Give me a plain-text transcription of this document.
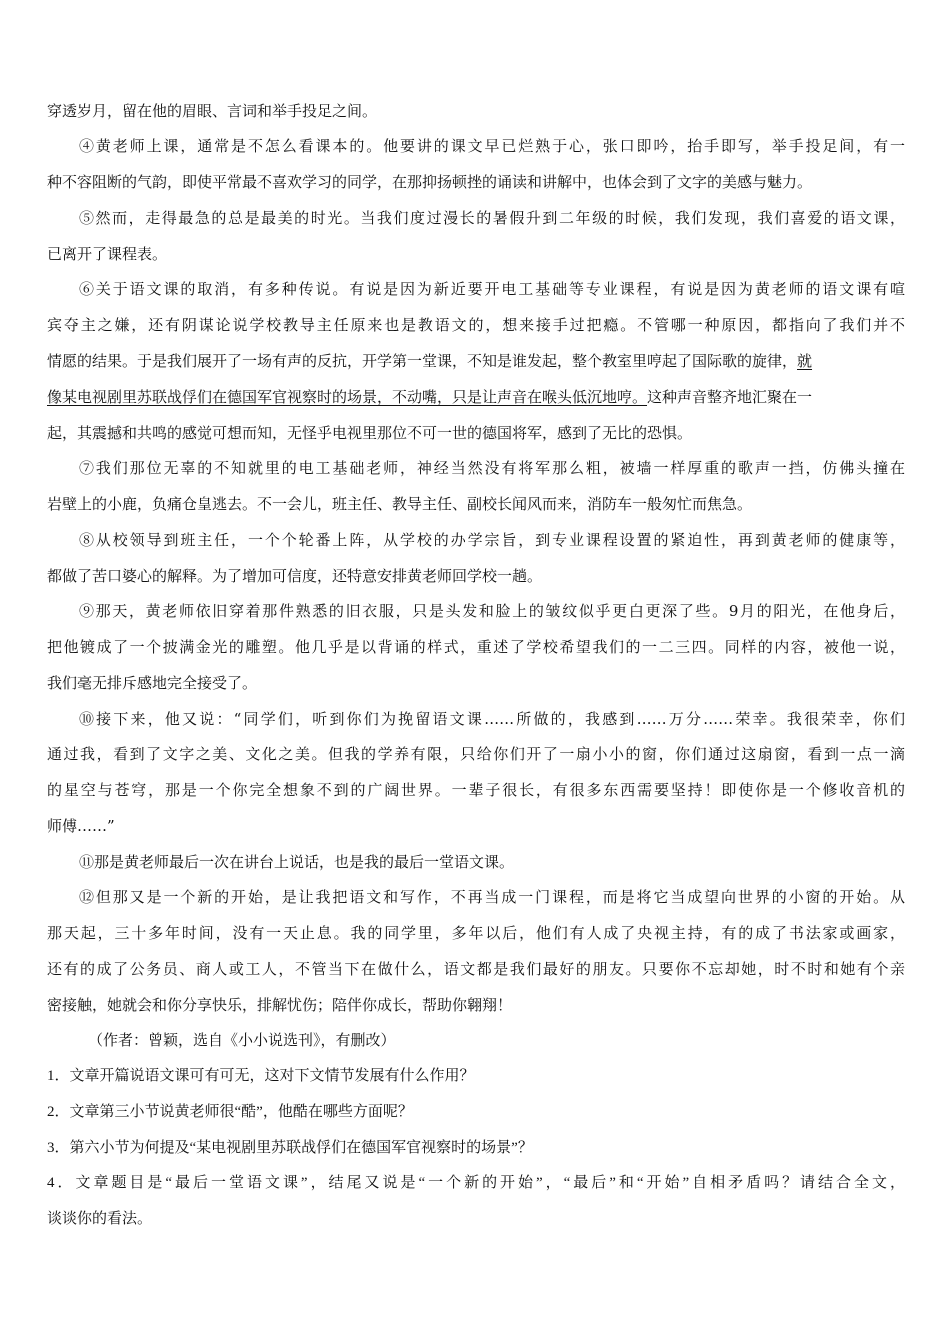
穿透岁月，留在他的眉眼、言词和举手投足之间。
④黄老师上课，通常是不怎么看课本的。他要讲的课文早已烂熟于心，张口即吟，抬手即写，举手投足间，有一
种不容阻断的气韵，即使平常最不喜欢学习的同学，在那抑扬顿挫的诵读和讲解中，也体会到了文字的美感与魅力。
⑤然而，走得最急的总是最美的时光。当我们度过漫长的暑假升到二年级的时候，我们发现，我们喜爱的语文课，
已离开了课程表。
⑥关于语文课的取消，有多种传说。有说是因为新近要开电工基础等专业课程，有说是因为黄老师的语文课有喧
宾夺主之嫌，还有阴谋论说学校教导主任原来也是教语文的，想来接手过把瘾。不管哪一种原因，都指向了我们并不
情愿的结果。于是我们展开了一场有声的反抗，开学第一堂课，不知是谁发起，整个教室里哼起了国际歌的旋律，就
像某电视剧里苏联战俘们在德国军官视察时的场景，不动嘴，只是让声音在喉头低沉地哼。这种声音整齐地汇聚在一
起，其震撼和共鸣的感觉可想而知，无怪乎电视里那位不可一世的德国将军，感到了无比的恐惧。
⑦我们那位无辜的不知就里的电工基础老师，神经当然没有将军那么粗，被墙一样厚重的歌声一挡，仿佛头撞在
岩壁上的小鹿，负痛仓皇逃去。不一会儿，班主任、教导主任、副校长闻风而来，消防车一般匆忙而焦急。
⑧从校领导到班主任，一个个轮番上阵，从学校的办学宗旨，到专业课程设置的紧迫性，再到黄老师的健康等，
都做了苦口婆心的解释。为了增加可信度，还特意安排黄老师回学校一趟。
⑨那天，黄老师依旧穿着那件熟悉的旧衣服，只是头发和脸上的皱纹似乎更白更深了些。9月的阳光，在他身后，
把他镀成了一个披满金光的雕塑。他几乎是以背诵的样式，重述了学校希望我们的一二三四。同样的内容，被他一说，
我们毫无排斥感地完全接受了。
⑩接下来，他又说：“同学们，听到你们为挽留语文课……所做的，我感到……万分……荣幸。我很荣幸，你们
通过我，看到了文字之美、文化之美。但我的学养有限，只给你们开了一扇小小的窗，你们通过这扇窗，看到一点一滴
的星空与苍穹，那是一个你完全想象不到的广阔世界。一辈子很长，有很多东西需要坚持！即使你是一个修收音机的
师傅……”
⑪那是黄老师最后一次在讲台上说话，也是我的最后一堂语文课。
⑫但那又是一个新的开始，是让我把语文和写作，不再当成一门课程，而是将它当成望向世界的小窗的开始。从
那天起，三十多年时间，没有一天止息。我的同学里，多年以后，他们有人成了央视主持，有的成了书法家或画家，
还有的成了公务员、商人或工人，不管当下在做什么，语文都是我们最好的朋友。只要你不忘却她，时不时和她有个亲
密接触，她就会和你分享快乐，排解忧伤；陪伴你成长，帮助你翱翔！
（作者：曾颖，选自《小小说选刊》，有删改）
1．文章开篇说语文课可有可无，这对下文情节发展有什么作用？
2．文章第三小节说黄老师很“酷”，他酷在哪些方面呢？
3．第六小节为何提及“某电视剧里苏联战俘们在德国军官视察时的场景”？
4．文章题目是“最后一堂语文课”，结尾又说是“一个新的开始”，“最后”和“开始”自相矛盾吗？请结合全文，
谈谈你的看法。
